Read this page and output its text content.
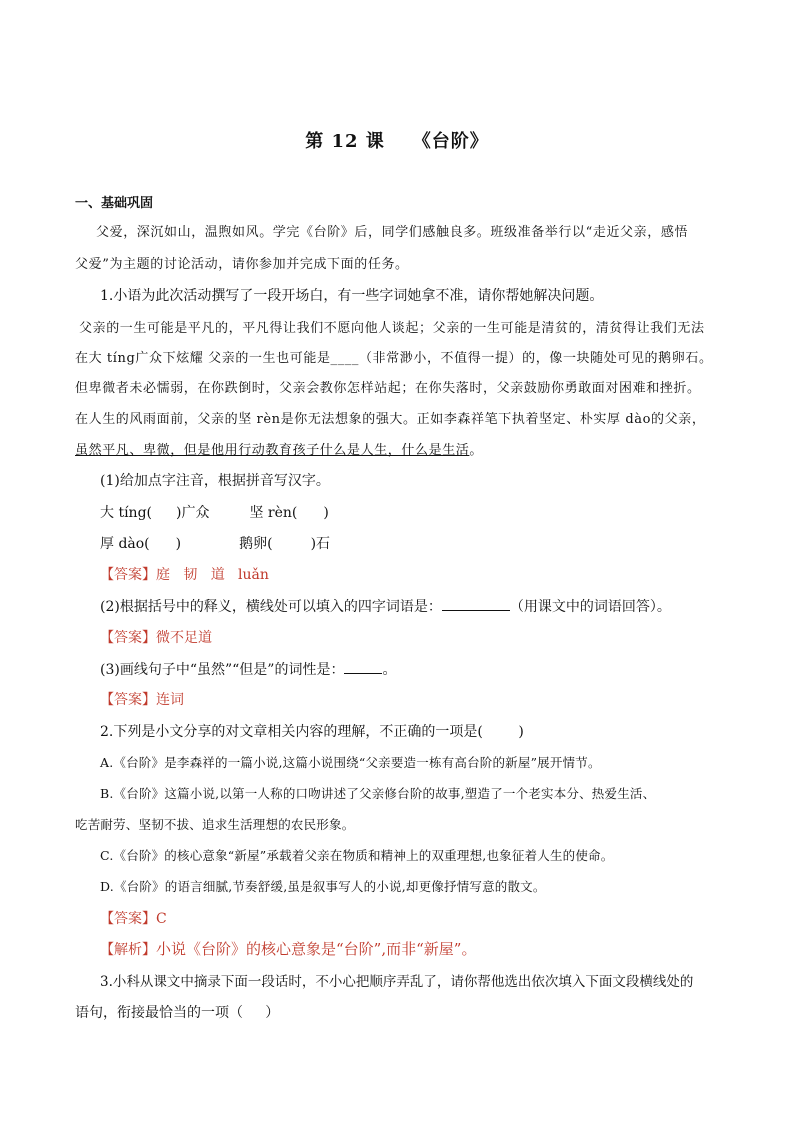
第 12 课 《台阶》
一、基础巩固
父爱，深沉如山，温煦如风。学完《台阶》后，同学们感触良多。班级准备举行以“走近父亲，感悟
父爱”为主题的讨论活动，请你参加并完成下面的任务。
1.小语为此次活动撰写了一段开场白，有一些字词她拿不准，请你帮她解决问题。
父亲的一生可能是平凡的，平凡得让我们不愿向他人谈起；父亲的一生可能是清贫的，清贫得让我们无法
在大 tíng广众下炫耀 父亲的一生也可能是____（非常渺小，不值得一提）的，像一块随处可见的鹅卵石。
但卑微者未必懦弱，在你跌倒时，父亲会教你怎样站起；在你失落时，父亲鼓励你勇敢面对困难和挫折。
在人生的风雨面前，父亲的坚 rèn是你无法想象的强大。正如李森祥笔下执着坚定、朴实厚 dào的父亲，
虽然平凡、卑微，但是他用行动教育孩子什么是人生，什么是生活。
(1)给加点字注音，根据拼音写汉字。
大 tíng( )广众	坚 rèn( )
厚 dào( )	鹅卵(	)石
【答案】庭   韧   道   luǎn
(2)根据括号中的释义，横线处可以填入的四字词语是：	（用课文中的词语回答）。
【答案】微不足道
(3)画线句子中“虽然”“但是”的词性是：	。
【答案】连词
2.下列是小文分享的对文章相关内容的理解，不正确的一项是(        )
A.《台阶》是李森祥的一篇小说,这篇小说围绕“父亲要造一栋有高台阶的新屋”展开情节。
B.《台阶》这篇小说,以第一人称的口吻讲述了父亲修台阶的故事,塑造了一个老实本分、热爱生活、
吃苦耐劳、坚韧不拔、追求生活理想的农民形象。
C.《台阶》的核心意象“新屋”承载着父亲在物质和精神上的双重理想,也象征着人生的使命。
D.《台阶》的语言细腻,节奏舒缓,虽是叙事写人的小说,却更像抒情写意的散文。
【答案】C
【解析】小说《台阶》的核心意象是“台阶”,而非“新屋”。
3.小科从课文中摘录下面一段话时，不小心把顺序弄乱了，请你帮他选出依次填入下面文段横线处的
语句，衔接最恰当的一项（     ）
